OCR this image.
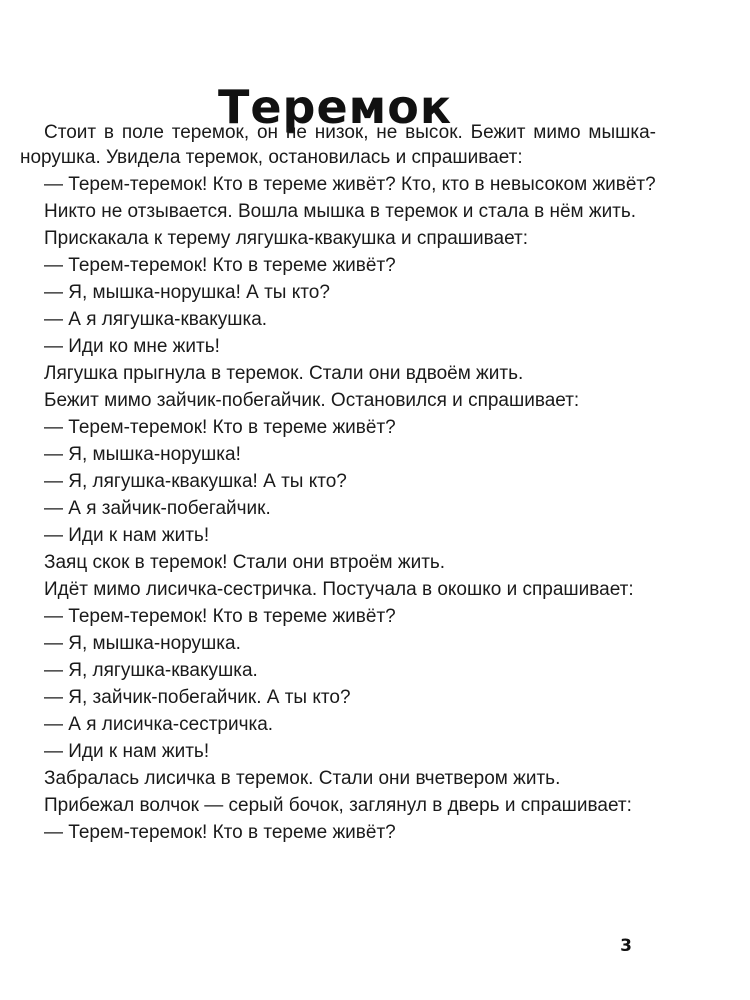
Теремок

Стоит в поле теремок, он не низок, не высок. Бежит мимо мышка-норушка. Увидела теремок, остановилась и спрашивает:

— Терем-теремок! Кто в тереме живёт? Кто, кто в невысоком живёт?

Никто не отзывается. Вошла мышка в теремок и стала в нём жить.

Прискакала к терему лягушка-квакушка и спрашивает:

— Терем-теремок! Кто в тереме живёт?

— Я, мышка-норушка! А ты кто?

— А я лягушка-квакушка.

— Иди ко мне жить!

Лягушка прыгнула в теремок. Стали они вдвоём жить.

Бежит мимо зайчик-побегайчик. Остановился и спрашивает:

— Терем-теремок! Кто в тереме живёт?

— Я, мышка-норушка!

— Я, лягушка-квакушка! А ты кто?

— А я зайчик-побегайчик.

— Иди к нам жить!

Заяц скок в теремок! Стали они втроём жить.

Идёт мимо лисичка-сестричка. Постучала в окошко и спрашивает:

— Терем-теремок! Кто в тереме живёт?

— Я, мышка-норушка.

— Я, лягушка-квакушка.

— Я, зайчик-побегайчик. А ты кто?

— А я лисичка-сестричка.

— Иди к нам жить!

Забралась лисичка в теремок. Стали они вчетвером жить.

Прибежал волчок — серый бочок, заглянул в дверь и спрашивает:

— Терем-теремок! Кто в тереме живёт?

3
